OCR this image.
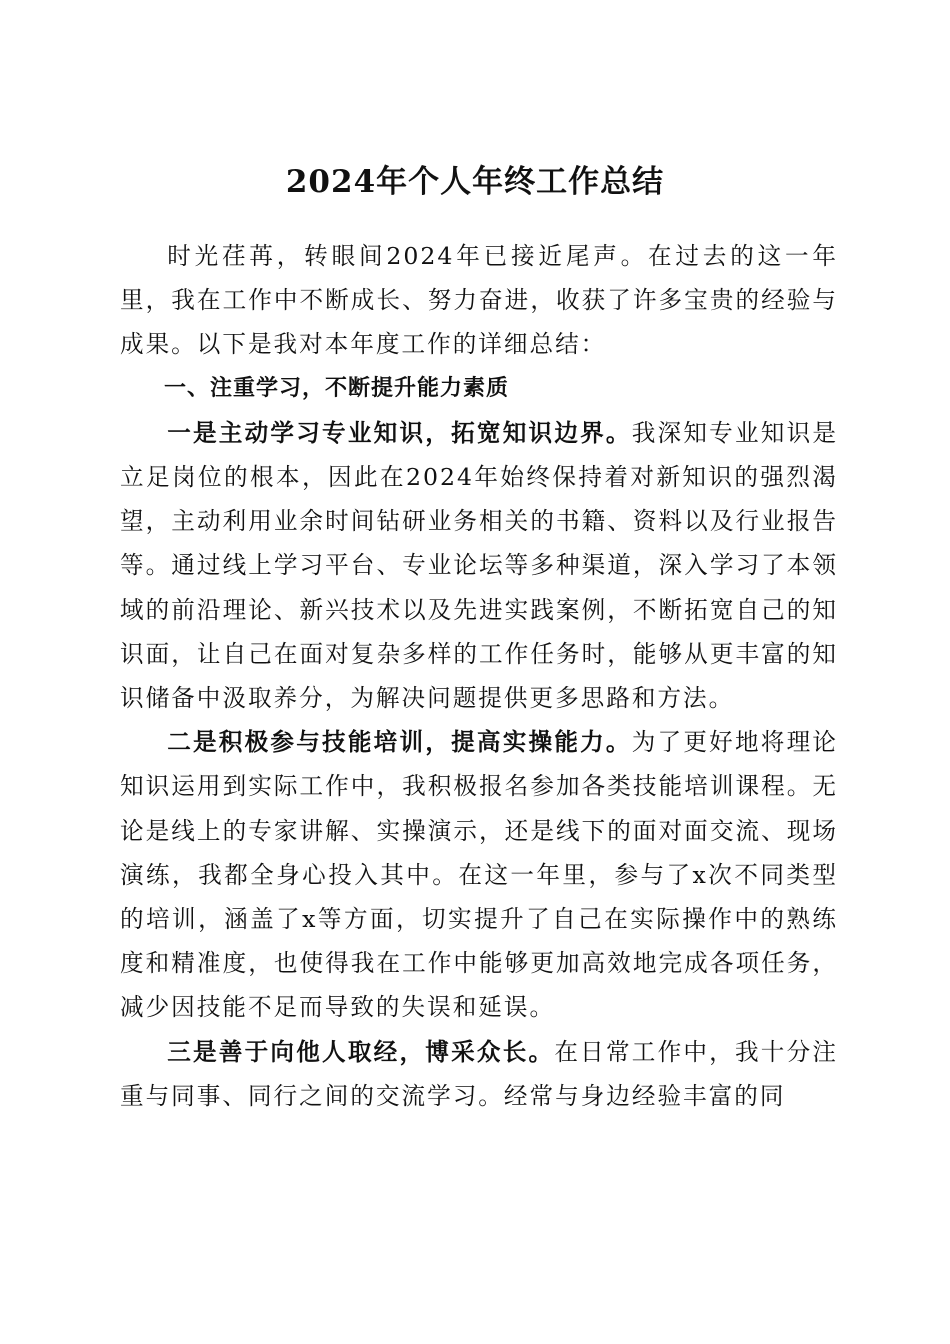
2024年个人年终工作总结

时光荏苒，转眼间2024年已接近尾声。在过去的这一年里，我在工作中不断成长、努力奋进，收获了许多宝贵的经验与成果。以下是我对本年度工作的详细总结：

一、注重学习，不断提升能力素质

一是主动学习专业知识，拓宽知识边界。我深知专业知识是立足岗位的根本，因此在2024年始终保持着对新知识的强烈渴望，主动利用业余时间钻研业务相关的书籍、资料以及行业报告等。通过线上学习平台、专业论坛等多种渠道，深入学习了本领域的前沿理论、新兴技术以及先进实践案例，不断拓宽自己的知识面，让自己在面对复杂多样的工作任务时，能够从更丰富的知识储备中汲取养分，为解决问题提供更多思路和方法。

二是积极参与技能培训，提高实操能力。为了更好地将理论知识运用到实际工作中，我积极报名参加各类技能培训课程。无论是线上的专家讲解、实操演示，还是线下的面对面交流、现场演练，我都全身心投入其中。在这一年里，参与了x次不同类型的培训，涵盖了x等方面，切实提升了自己在实际操作中的熟练度和精准度，也使得我在工作中能够更加高效地完成各项任务，减少因技能不足而导致的失误和延误。

三是善于向他人取经，博采众长。在日常工作中，我十分注重与同事、同行之间的交流学习。经常与身边经验丰富的同
